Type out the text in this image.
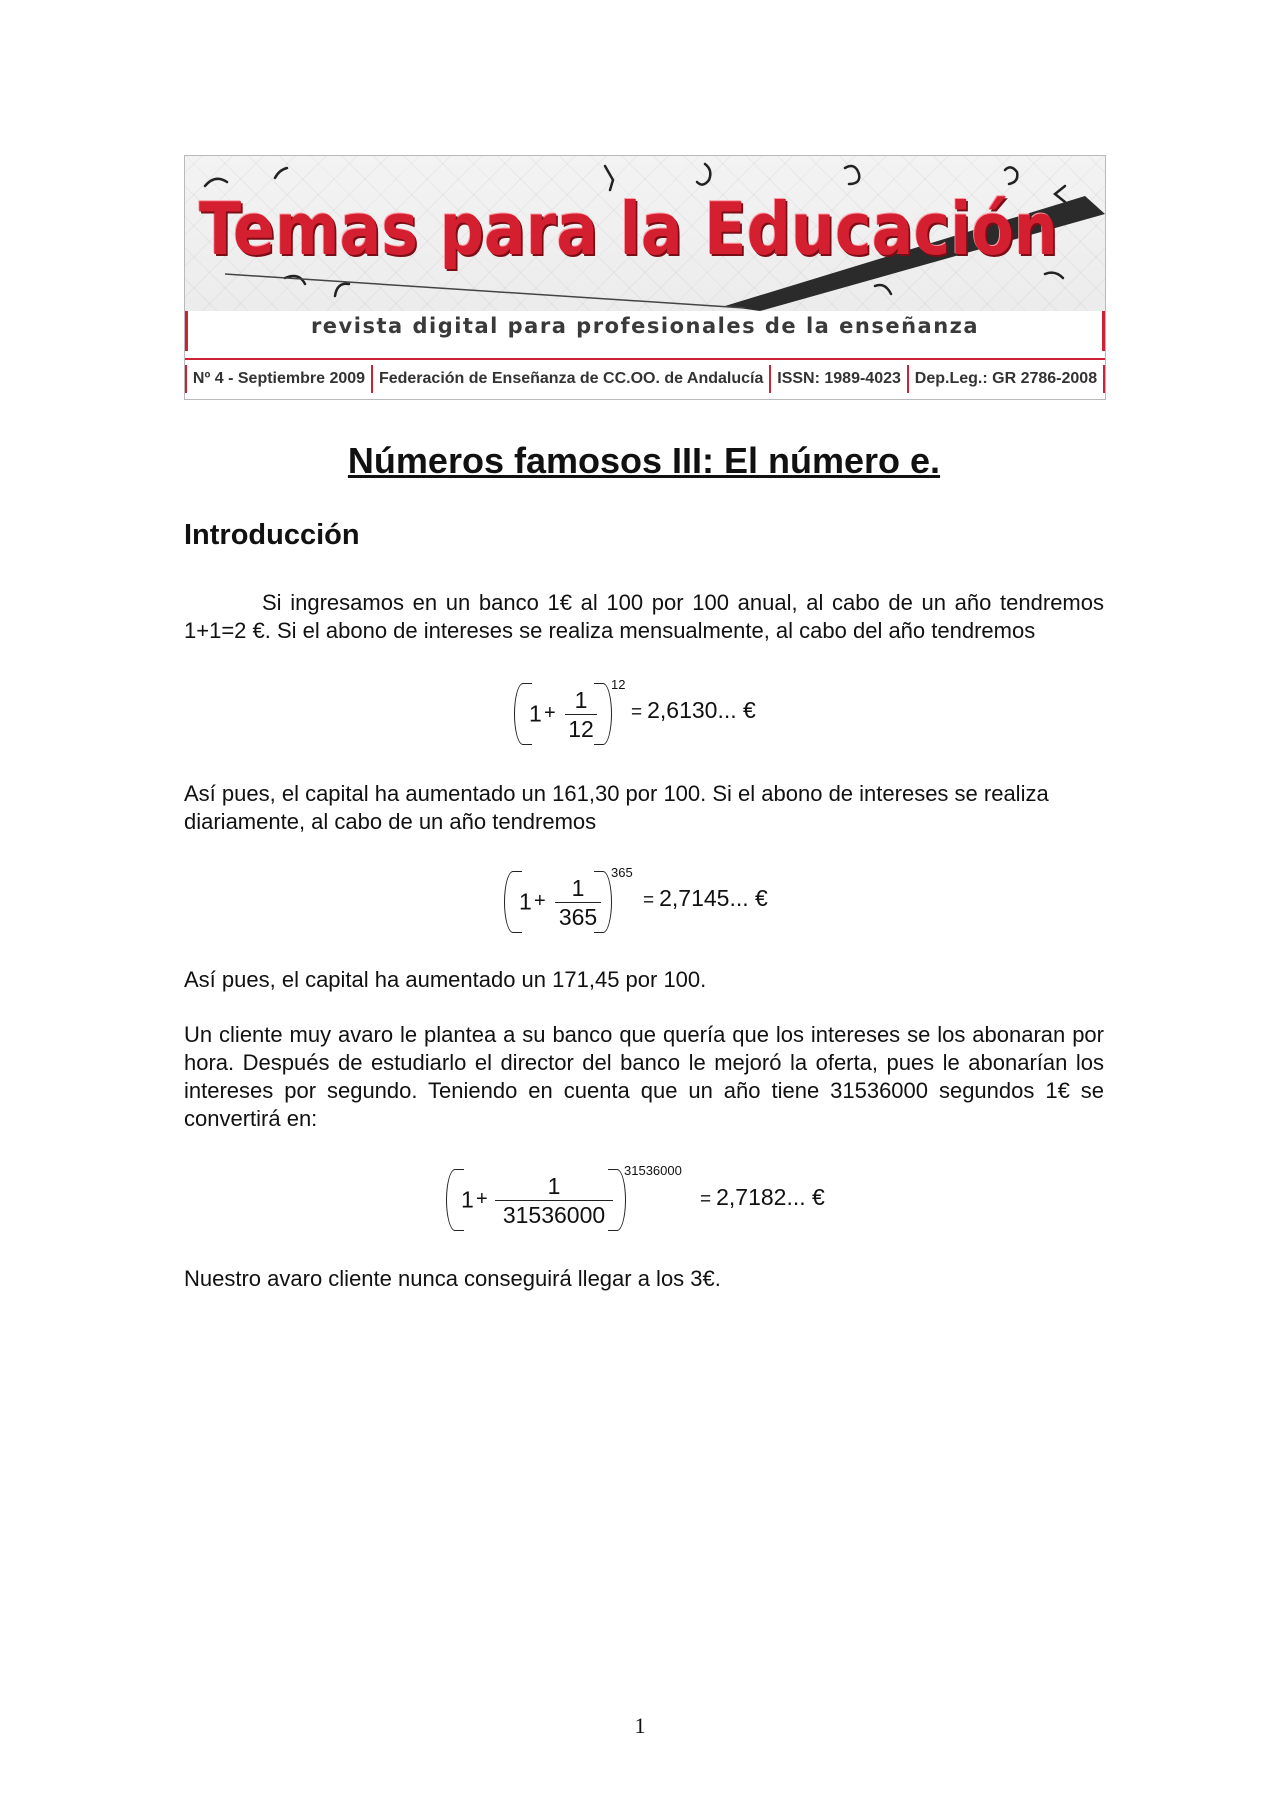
Temas para la Educación
revista digital para profesionales de la enseñanza
Nº 4 - Septiembre 2009 Federación de Enseñanza de CC.OO. de Andalucía ISSN: 1989-4023 Dep.Leg.: GR 2786-2008
Números famosos III: El número e.
Introducción

Si ingresamos en un banco 1€ al 100 por 100 anual, al cabo de un año tendremos 1+1=2 €. Si el abono de intereses se realiza mensualmente, al cabo del año tendremos

1 +
1
12
12
= 2,6130... €

Así pues, el capital ha aumentado un 161,30 por 100. Si el abono de intereses se realiza diariamente, al cabo de un año tendremos

1 +
1
365
365
= 2,7145... €

Así pues, el capital ha aumentado un 171,45 por 100.

Un cliente muy avaro le plantea a su banco que quería que los intereses se los abonaran por hora. Después de estudiarlo el director del banco le mejoró la oferta, pues le abonarían los intereses por segundo. Teniendo en cuenta que un año tiene 31536000 segundos 1€ se convertirá en:

1 +
1
31536000
31536000
= 2,7182... €

Nuestro avaro cliente nunca conseguirá llegar a los 3€.

1
